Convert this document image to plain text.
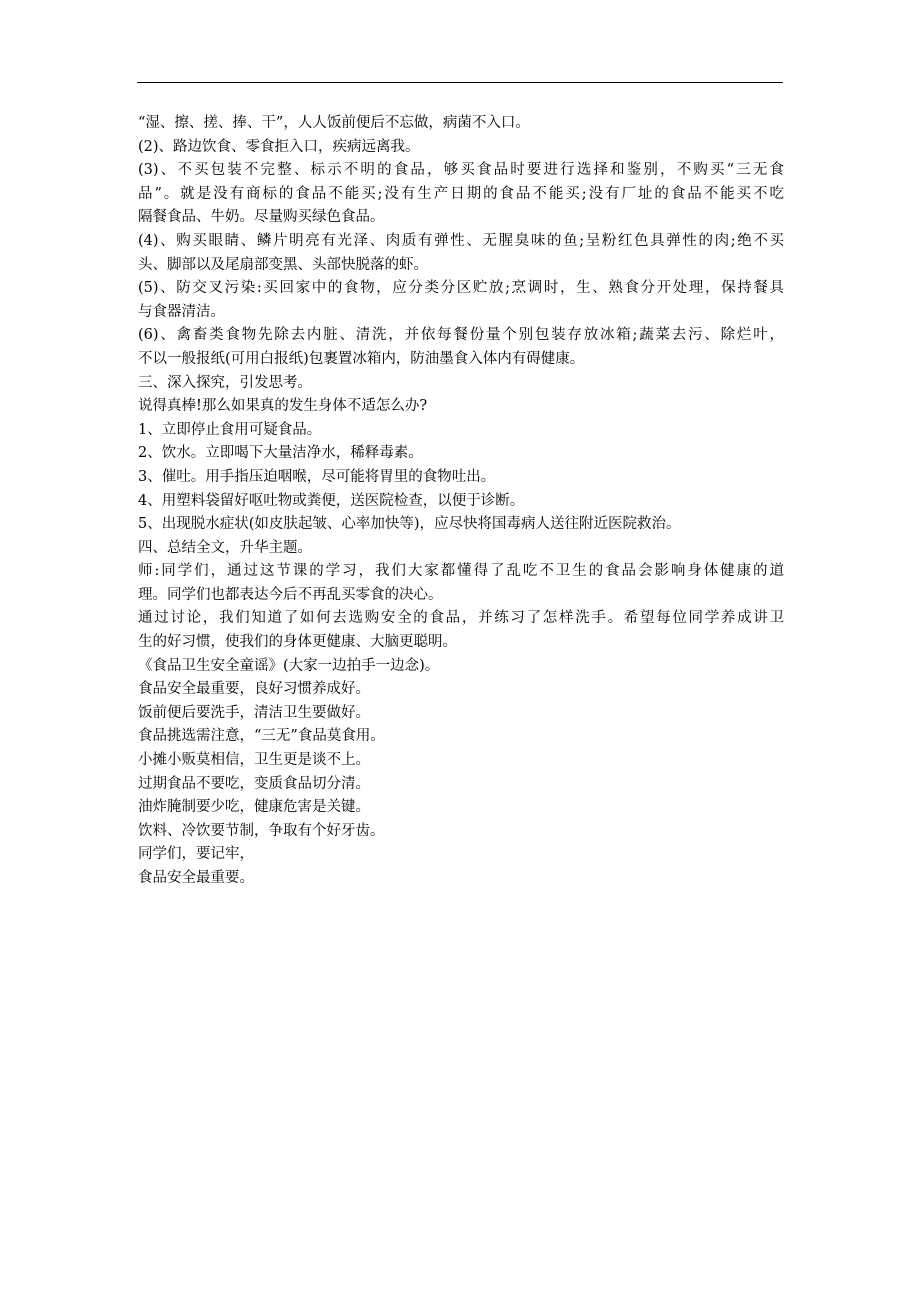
“湿、擦、搓、捧、干”，人人饭前便后不忘做，病菌不入口。
(2)、路边饮食、零食拒入口，疾病远离我。
(3)、不买包装不完整、标示不明的食品，够买食品时要进行选择和鉴别，不购买“三无食
品”。就是没有商标的食品不能买;没有生产日期的食品不能买;没有厂址的食品不能买不吃
隔餐食品、牛奶。尽量购买绿色食品。
(4)、购买眼睛、鳞片明亮有光泽、肉质有弹性、无腥臭味的鱼;呈粉红色具弹性的肉;绝不买
头、脚部以及尾扇部变黑、头部快脱落的虾。
(5)、防交叉污染:买回家中的食物，应分类分区贮放;烹调时，生、熟食分开处理，保持餐具
与食器清洁。
(6)、禽畜类食物先除去内脏、清洗，并依每餐份量个别包装存放冰箱;蔬菜去污、除烂叶，
不以一般报纸(可用白报纸)包裹置冰箱内，防油墨食入体内有碍健康。
三、深入探究，引发思考。
说得真棒!那么如果真的发生身体不适怎么办?
1、立即停止食用可疑食品。
2、饮水。立即喝下大量洁净水，稀释毒素。
3、催吐。用手指压迫咽喉，尽可能将胃里的食物吐出。
4、用塑料袋留好呕吐物或粪便，送医院检查，以便于诊断。
5、出现脱水症状(如皮肤起皱、心率加快等)，应尽快将国毒病人送往附近医院救治。
四、总结全文，升华主题。
师:同学们，通过这节课的学习，我们大家都懂得了乱吃不卫生的食品会影响身体健康的道
理。同学们也都表达今后不再乱买零食的决心。
通过讨论，我们知道了如何去选购安全的食品，并练习了怎样洗手。希望每位同学养成讲卫
生的好习惯，使我们的身体更健康、大脑更聪明。
《食品卫生安全童谣》(大家一边拍手一边念)。
食品安全最重要，良好习惯养成好。
饭前便后要洗手，清洁卫生要做好。
食品挑选需注意，“三无”食品莫食用。
小摊小贩莫相信，卫生更是谈不上。
过期食品不要吃，变质食品切分清。
油炸腌制要少吃，健康危害是关键。
饮料、冷饮要节制，争取有个好牙齿。
同学们，要记牢，
食品安全最重要。
